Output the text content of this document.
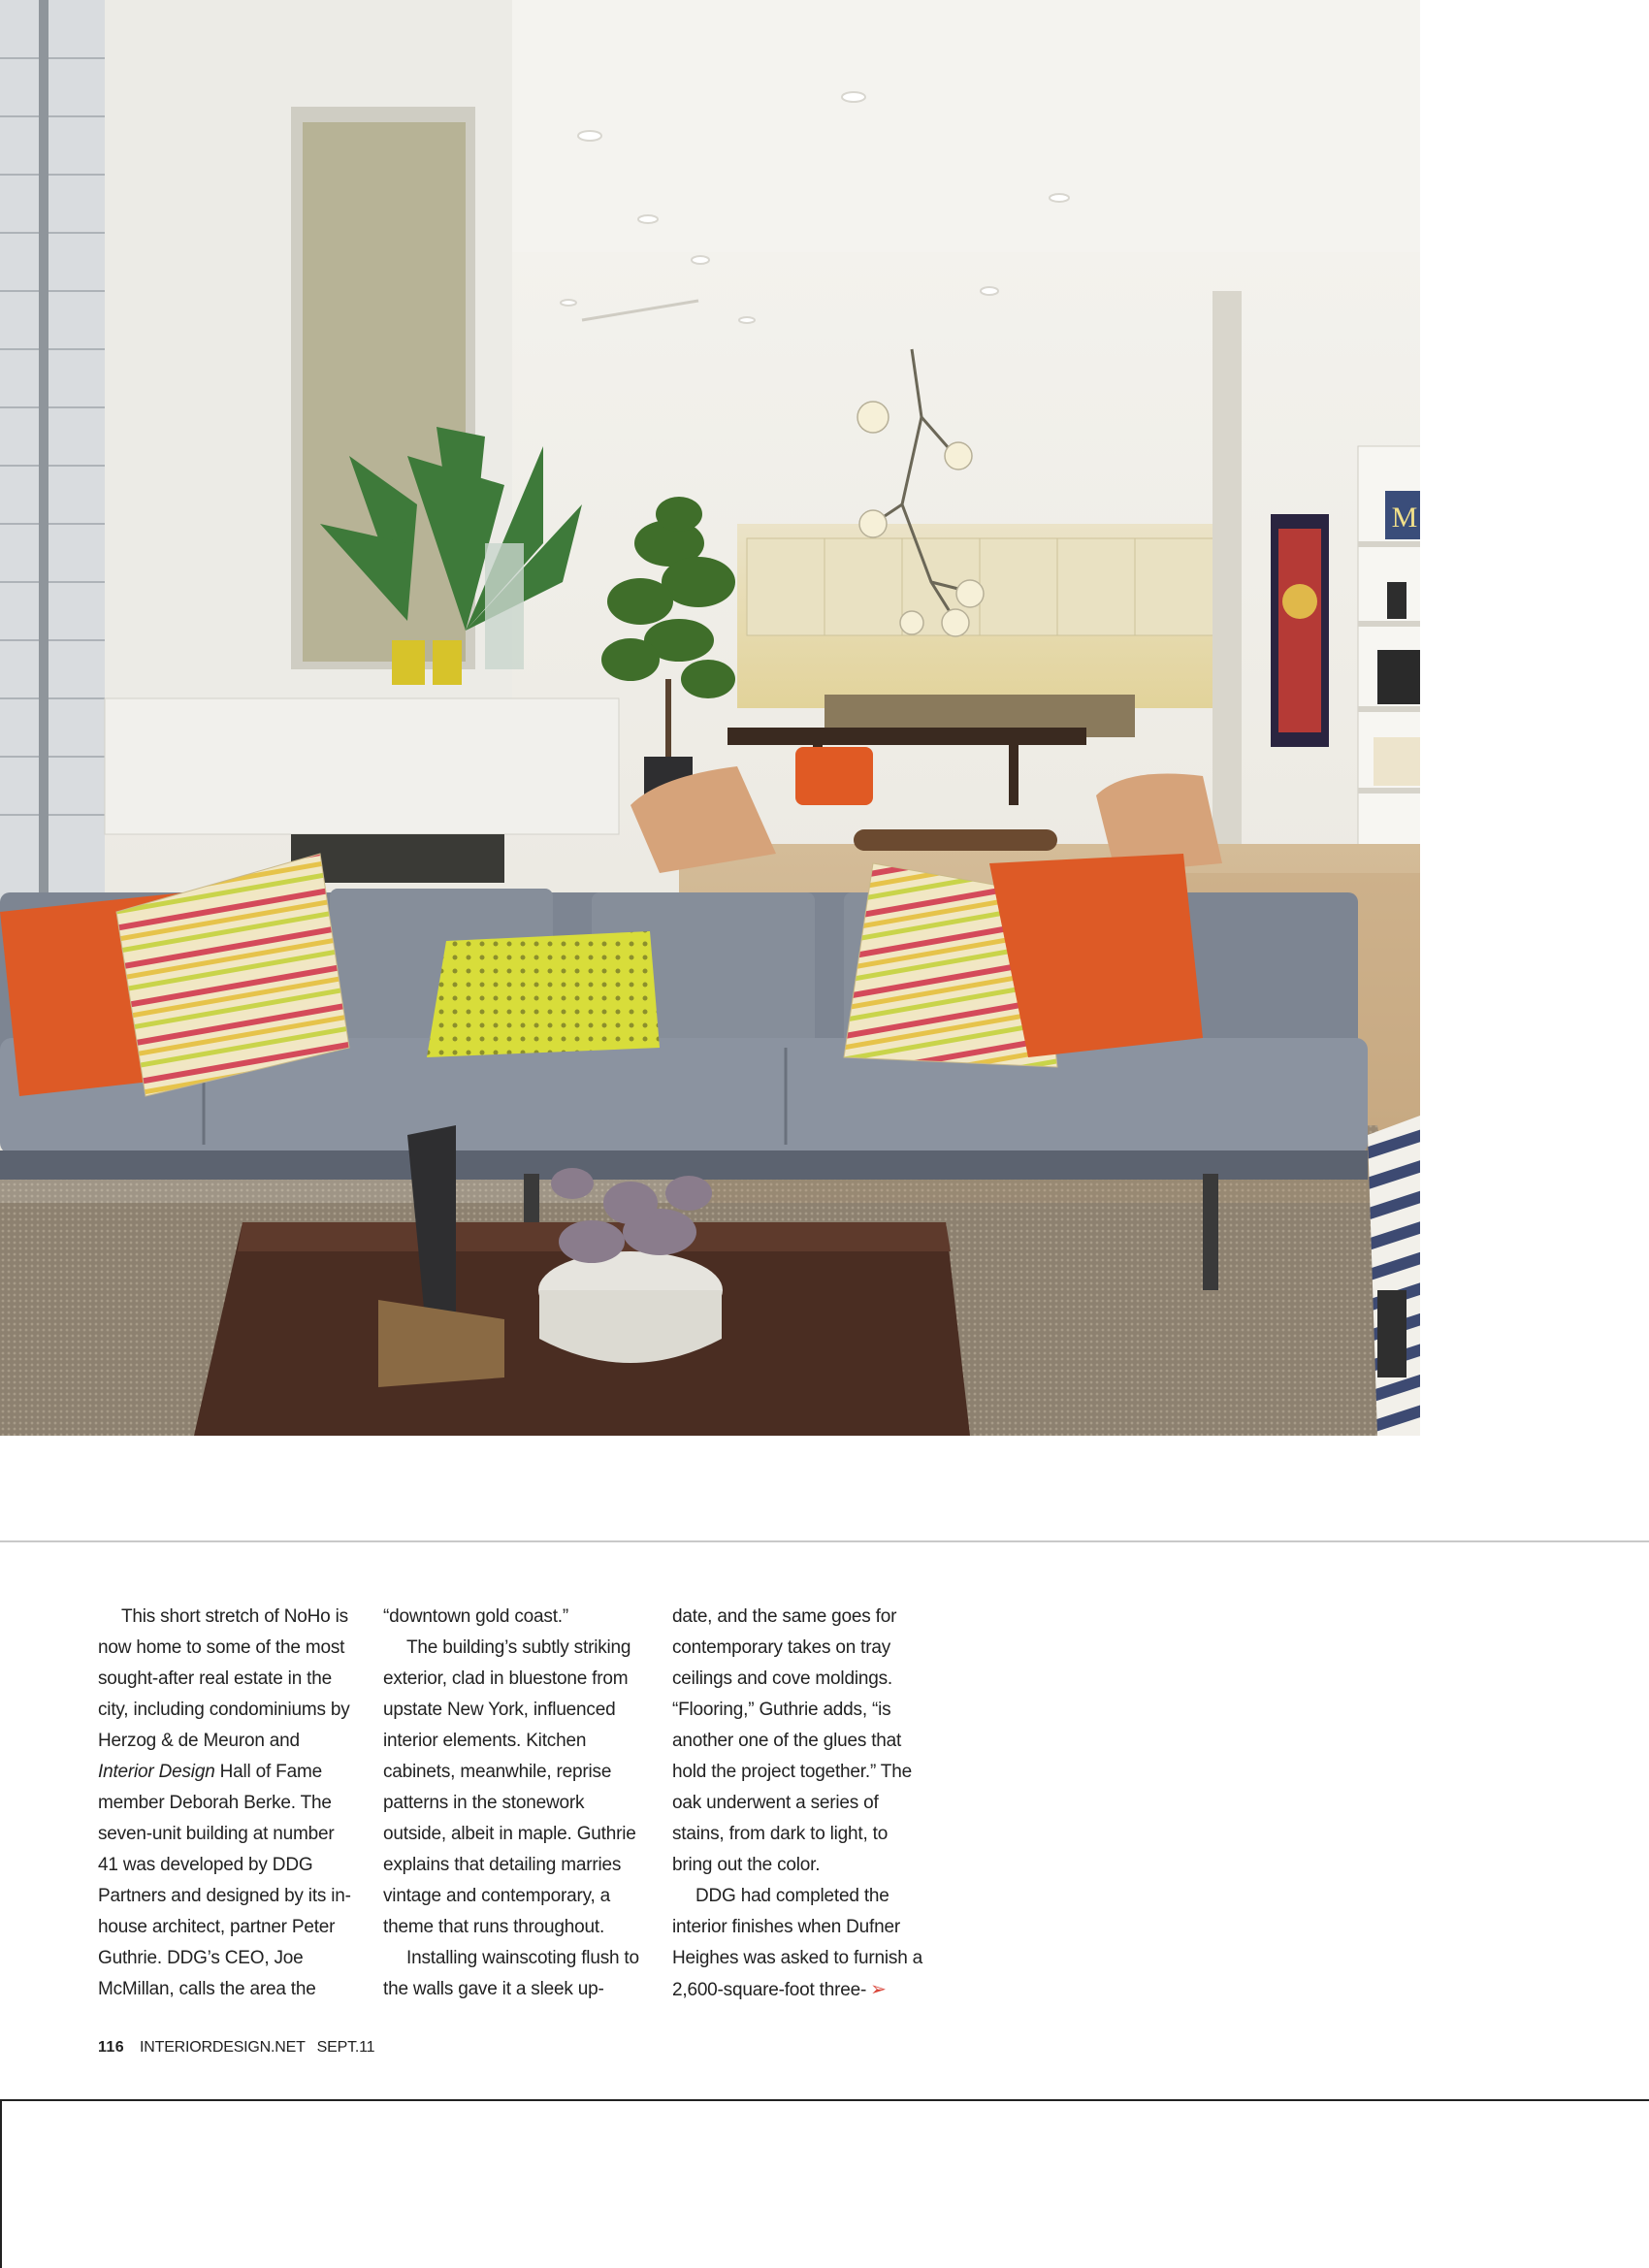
M

This short stretch of NoHo is now home to some of the most sought-after real estate in the city, including condominiums by Herzog & de Meuron and Interior Design Hall of Fame member Deborah Berke. The seven-unit building at number 41 was developed by DDG Partners and designed by its in-house architect, partner Peter Guthrie. DDG’s CEO, Joe McMillan, calls the area the

“downtown gold coast.”

The building’s subtly striking exterior, clad in bluestone from upstate New York, influenced interior elements. Kitchen cabinets, meanwhile, reprise patterns in the stonework outside, albeit in maple. Guthrie explains that detailing marries vintage and contemporary, a theme that runs throughout.

Installing wainscoting flush to the walls gave it a sleek up-

date, and the same goes for contemporary takes on tray ceilings and cove moldings. “Flooring,” Guthrie adds, “is another one of the glues that hold the project together.” The oak underwent a series of stains, from dark to light, to bring out the color.

DDG had completed the interior finishes when Dufner Heighes was asked to furnish a 2,600-square-foot three- ➢

116 INTERIORDESIGN.NET SEPT.11
